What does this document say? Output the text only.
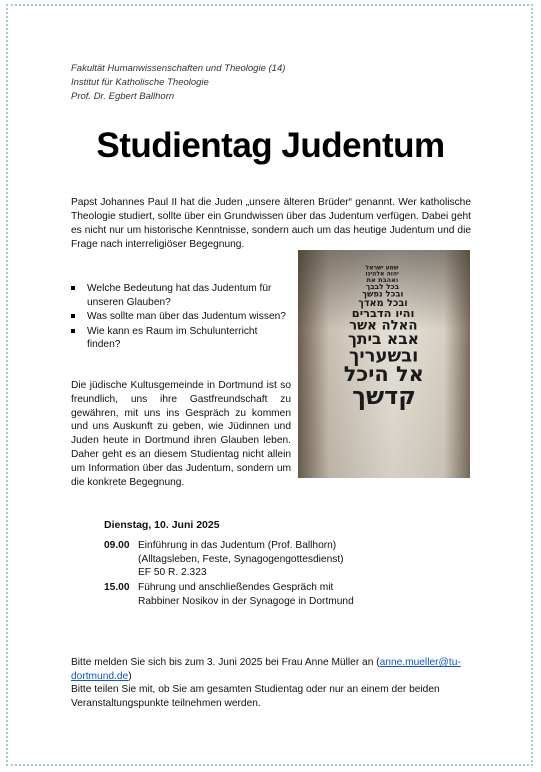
Fakultät Humanwissenschaften und Theologie (14)
Institut für Katholische Theologie
Prof. Dr. Egbert Ballhorn
Studientag Judentum
Papst Johannes Paul II hat die Juden „unsere älteren Brüder“ genannt. Wer katholische Theologie studiert, sollte über ein Grundwissen über das Judentum verfügen. Dabei geht es nicht nur um historische Kenntnisse, sondern auch um das heutige Judentum und die Frage nach interreligiöser Begegnung.
Welche Bedeutung hat das Judentum für unseren Glauben?
Was sollte man über das Judentum wissen?
Wie kann es Raum im Schulunterricht finden?
שמע ישראל
יהוה אלהינו
ואהבת את
בכל לבבך
ובכל נפשך
ובכל מאדך
והיו הדברים
האלה אשר
אבא ביתך
ובשעריך
אל היכל
קדשך
Die jüdische Kultusgemeinde in Dortmund ist so freundlich, uns ihre Gastfreundschaft zu gewähren, mit uns ins Gespräch zu kommen und uns Auskunft zu geben, wie Jüdinnen und Juden heute in Dortmund ihren Glauben leben. Daher geht es an diesem Studientag nicht allein um Information über das Judentum, sondern um die konkrete Begegnung.
Dienstag, 10. Juni 2025
09.00 Einführung in das Judentum (Prof. Ballhorn)
(Alltagsleben, Feste, Synagogengottesdienst)
EF 50 R. 2.323
15.00 Führung und anschließendes Gespräch mit
Rabbiner Nosikov in der Synagoge in Dortmund
Bitte melden Sie sich bis zum 3. Juni 2025 bei Frau Anne Müller an (anne.mueller@tu-
dortmund.de)
Bitte teilen Sie mit, ob Sie am gesamten Studientag oder nur an einem der beiden Veranstaltungspunkte teilnehmen werden.
